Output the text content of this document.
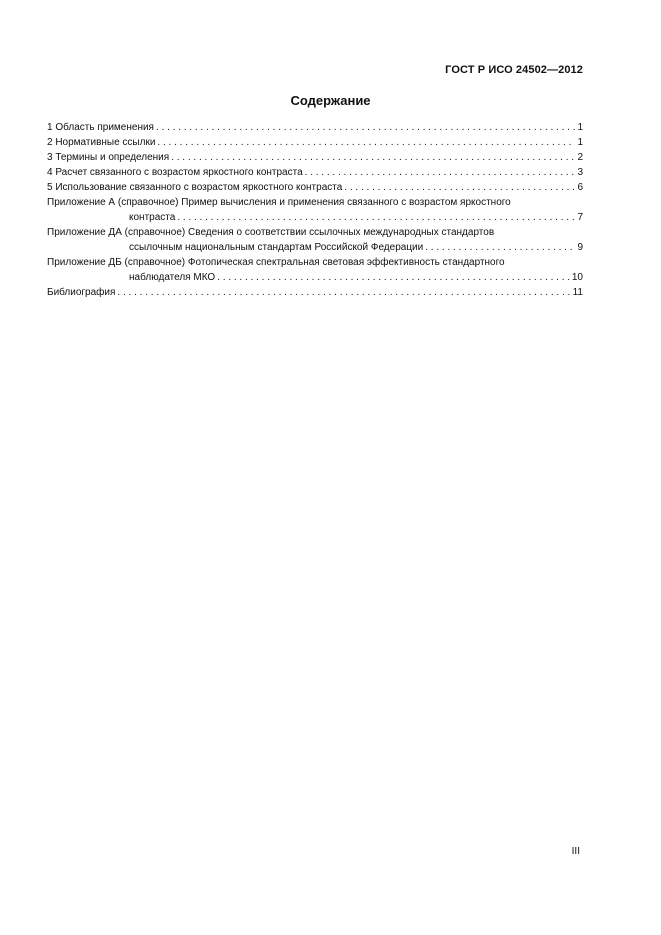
ГОСТ Р ИСО 24502—2012
Содержание
1 Область применения . . .	1
2 Нормативные ссылки . . .	1
3 Термины и определения . . .	2
4 Расчет связанного с возрастом яркостного контраста . . .	3
5 Использование связанного с возрастом яркостного контраста . . .	6
Приложение А (справочное) Пример вычисления и применения связанного с возрастом яркостного
контраста . . .	7
Приложение ДА (справочное) Сведения о соответствии ссылочных международных стандартов
ссылочным национальным стандартам Российской Федерации . . .	9
Приложение ДБ (справочное) Фотопическая спектральная световая эффективность стандартного
наблюдателя МКО . . .	10
Библиография . . .	11
III
